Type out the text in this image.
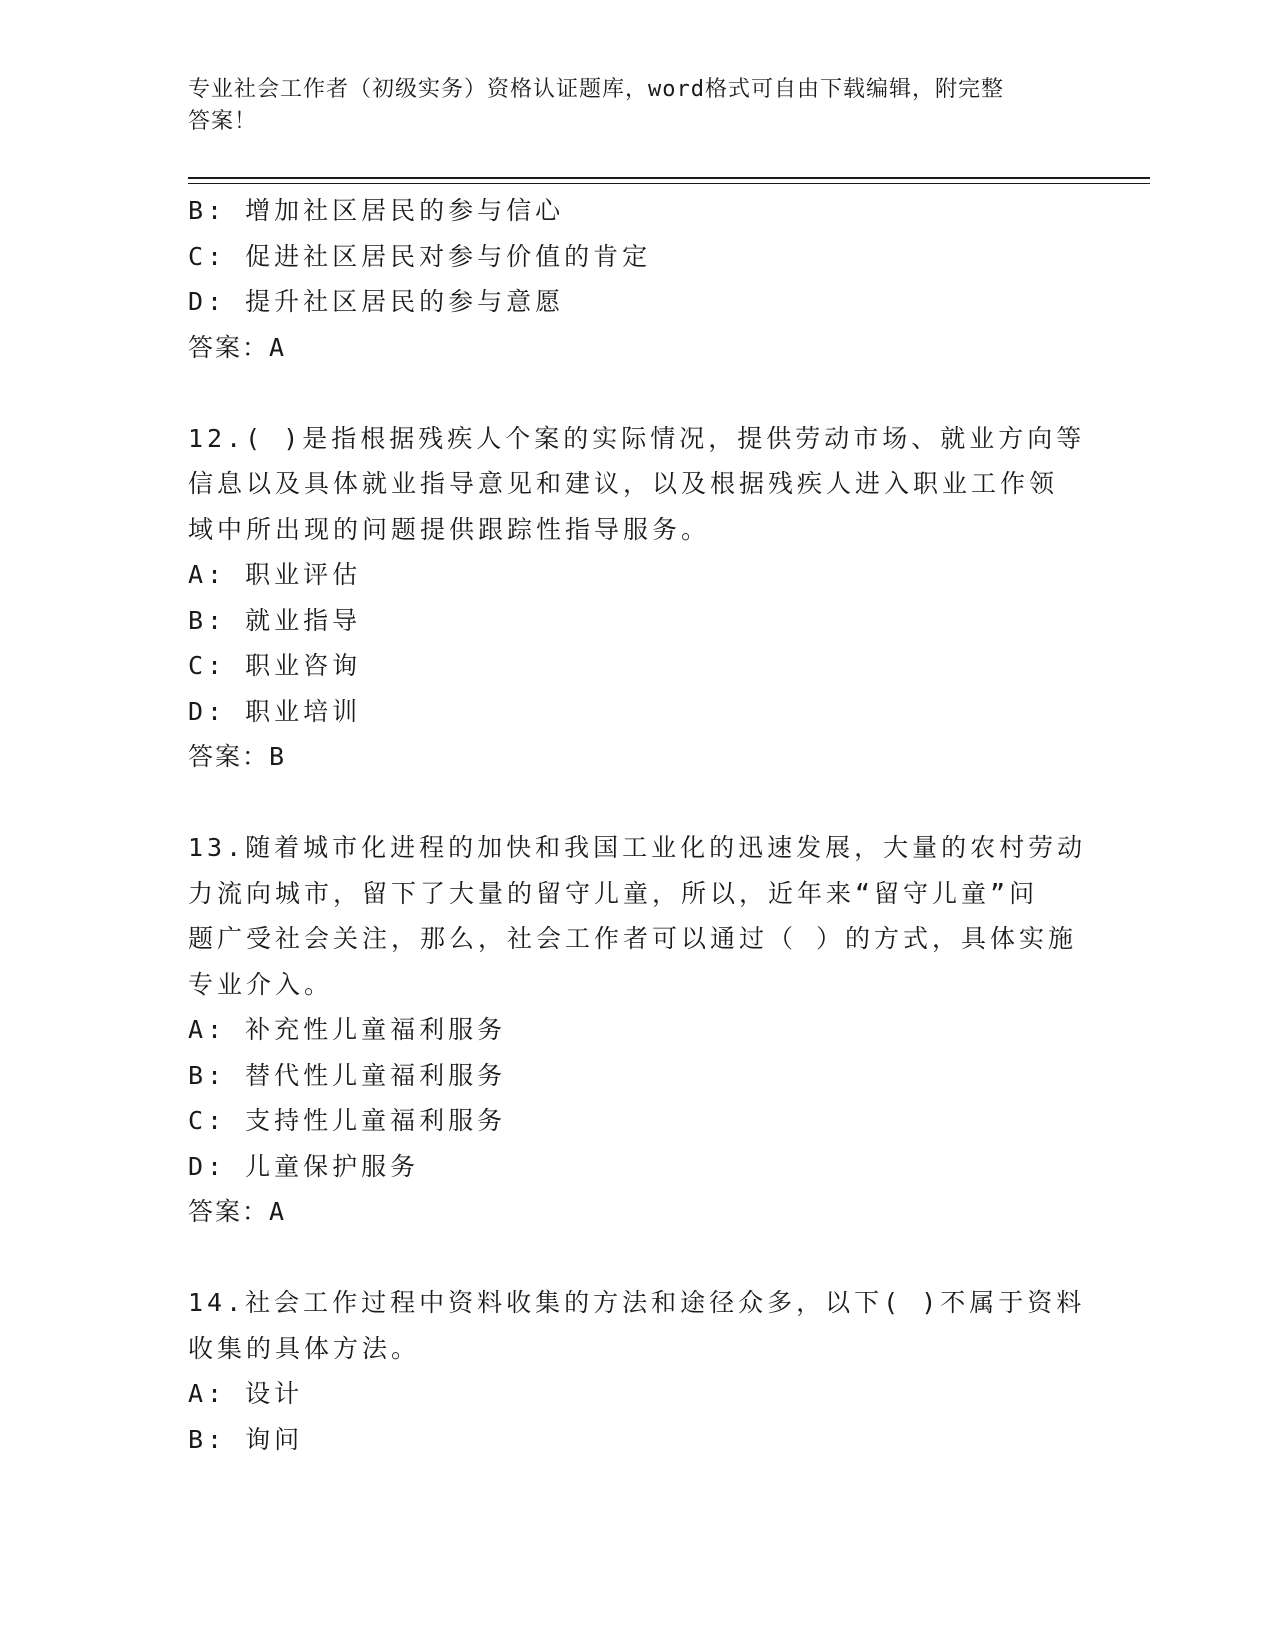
专业社会工作者（初级实务）资格认证题库，word格式可自由下载编辑，附完整
答案！
B: 增加社区居民的参与信心
C: 促进社区居民对参与价值的肯定
D: 提升社区居民的参与意愿
答案：A
12.( )是指根据残疾人个案的实际情况，提供劳动市场、就业方向等
信息以及具体就业指导意见和建议，以及根据残疾人进入职业工作领
域中所出现的问题提供跟踪性指导服务。
A: 职业评估
B: 就业指导
C: 职业咨询
D: 职业培训
答案：B
13.随着城市化进程的加快和我国工业化的迅速发展，大量的农村劳动
力流向城市，留下了大量的留守儿童，所以，近年来“留守儿童”问
题广受社会关注，那么，社会工作者可以通过（ ）的方式，具体实施
专业介入。
A: 补充性儿童福利服务
B: 替代性儿童福利服务
C: 支持性儿童福利服务
D: 儿童保护服务
答案：A
14.社会工作过程中资料收集的方法和途径众多，以下( )不属于资料
收集的具体方法。
A: 设计
B: 询问
